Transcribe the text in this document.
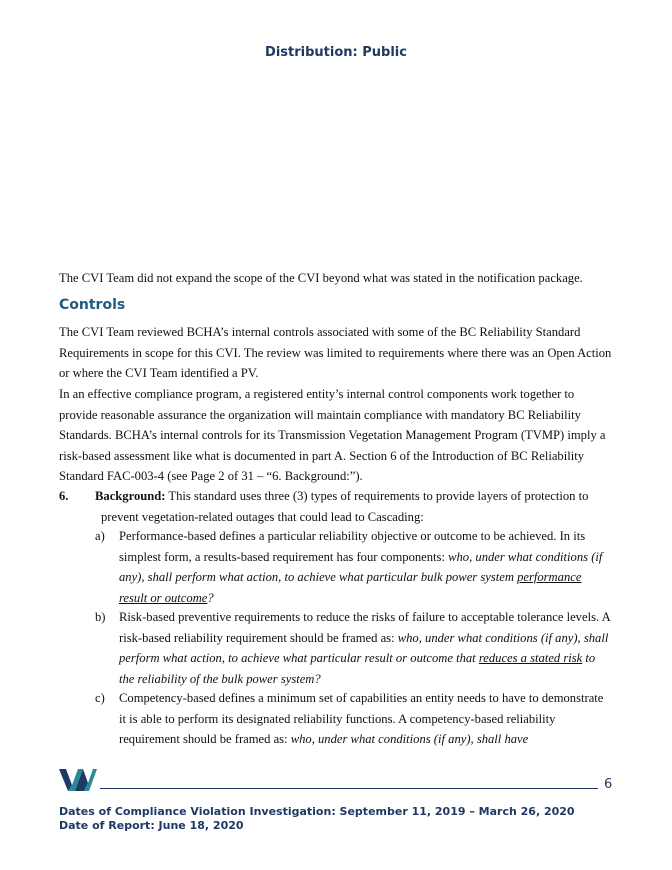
Distribution: Public
The CVI Team did not expand the scope of the CVI beyond what was stated in the notification package.
Controls
The CVI Team reviewed BCHA’s internal controls associated with some of the BC Reliability Standard Requirements in scope for this CVI. The review was limited to requirements where there was an Open Action or where the CVI Team identified a PV.
In an effective compliance program, a registered entity’s internal control components work together to provide reasonable assurance the organization will maintain compliance with mandatory BC Reliability Standards. BCHA’s internal controls for its Transmission Vegetation Management Program (TVMP) imply a risk-based assessment like what is documented in part A. Section 6 of the Introduction of BC Reliability Standard FAC-003-4 (see Page 2 of 31 – “6. Background:”).
6.	Background: This standard uses three (3) types of requirements to provide layers of protection to
prevent vegetation-related outages that could lead to Cascading:
a) Performance-based defines a particular reliability objective or outcome to be achieved. In its simplest form, a results-based requirement has four components: who, under what conditions (if any), shall perform what action, to achieve what particular bulk power system performance result or outcome?
b) Risk-based preventive requirements to reduce the risks of failure to acceptable tolerance levels. A risk-based reliability requirement should be framed as: who, under what conditions (if any), shall perform what action, to achieve what particular result or outcome that reduces a stated risk to the reliability of the bulk power system?
c) Competency-based defines a minimum set of capabilities an entity needs to have to demonstrate it is able to perform its designated reliability functions. A competency-based reliability requirement should be framed as: who, under what conditions (if any), shall have
6
Dates of Compliance Violation Investigation: September 11, 2019 – March 26, 2020
Date of Report: June 18, 2020
